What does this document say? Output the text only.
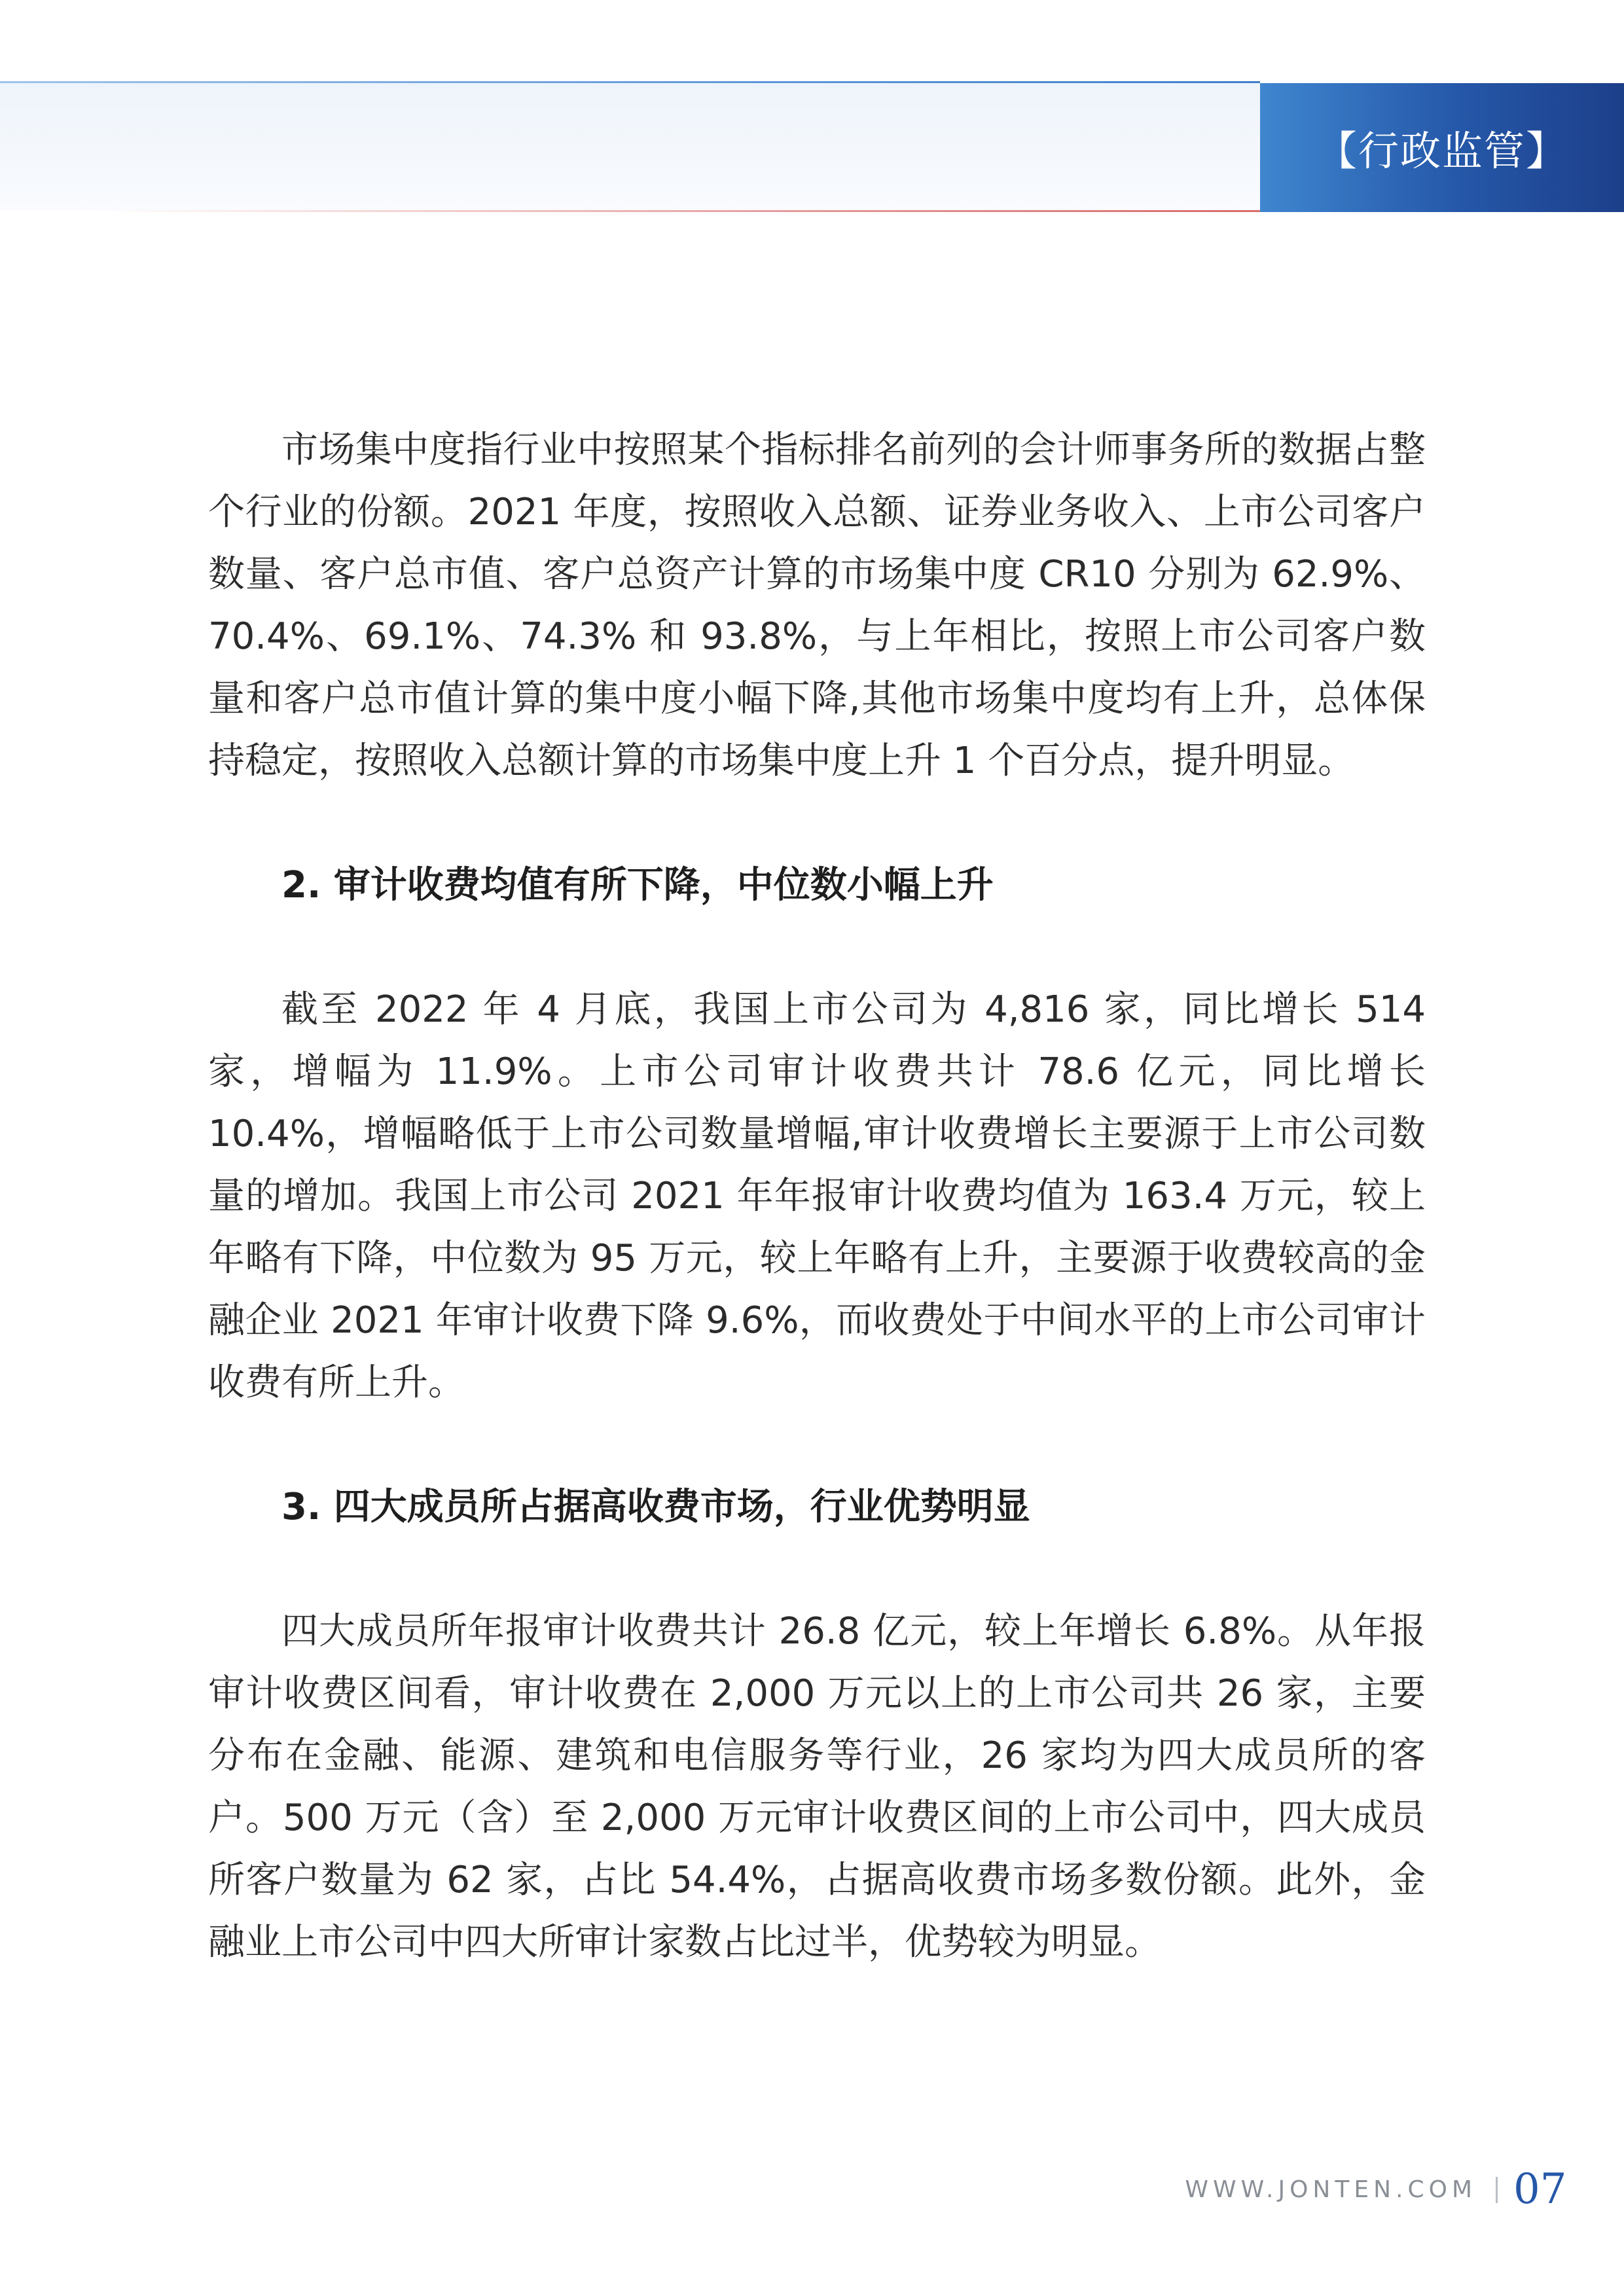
【行政监管】

市场集中度指行业中按照某个指标排名前列的会计师事务所的数据占整个行业的份额。2021 年度，按照收入总额、证券业务收入、上市公司客户数量、客户总市值、客户总资产计算的市场集中度 CR10 分别为 62.9%、70.4%、69.1%、74.3% 和 93.8%，与上年相比，按照上市公司客户数量和客户总市值计算的集中度小幅下降,其他市场集中度均有上升，总体保持稳定，按照收入总额计算的市场集中度上升 1 个百分点，提升明显。

2. 审计收费均值有所下降，中位数小幅上升

截至 2022 年 4 月底，我国上市公司为 4,816 家，同比增长 514 家，增幅为 11.9%。上市公司审计收费共计 78.6 亿元，同比增长 10.4%，增幅略低于上市公司数量增幅,审计收费增长主要源于上市公司数量的增加。我国上市公司 2021 年年报审计收费均值为 163.4 万元，较上年略有下降，中位数为 95 万元，较上年略有上升，主要源于收费较高的金融企业 2021 年审计收费下降 9.6%，而收费处于中间水平的上市公司审计收费有所上升。

3. 四大成员所占据高收费市场，行业优势明显

四大成员所年报审计收费共计 26.8 亿元，较上年增长 6.8%。从年报审计收费区间看，审计收费在 2,000 万元以上的上市公司共 26 家，主要分布在金融、能源、建筑和电信服务等行业，26 家均为四大成员所的客户。500 万元（含）至 2,000 万元审计收费区间的上市公司中，四大成员所客户数量为 62 家，占比 54.4%，占据高收费市场多数份额。此外，金融业上市公司中四大所审计家数占比过半，优势较为明显。

WWW.JONTEN.COM 07
